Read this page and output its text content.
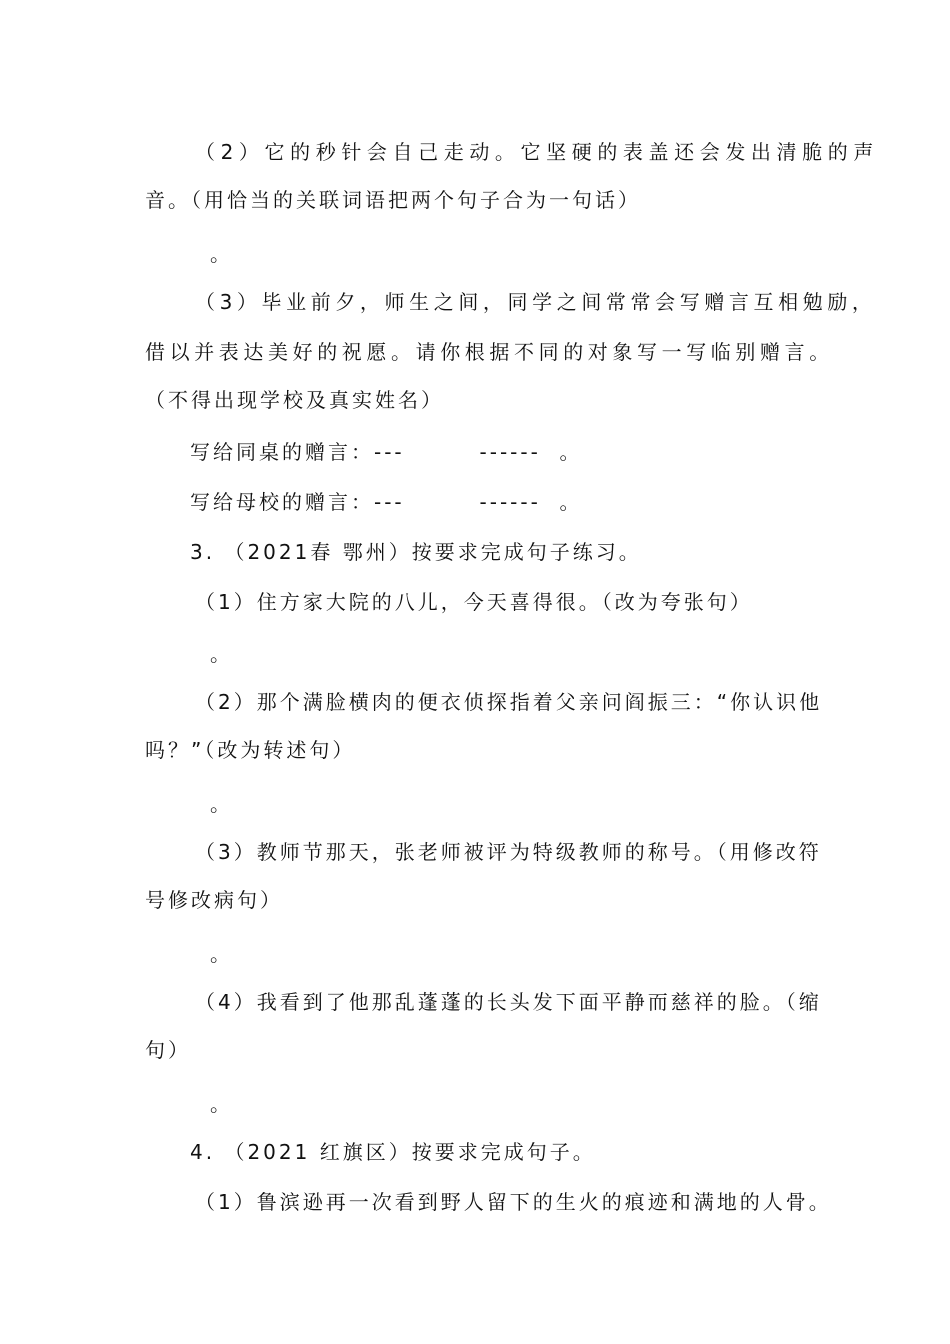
（2）它的秒针会自己走动。它坚硬的表盖还会发出清脆的声
音。（用恰当的关联词语把两个句子合为一句话）
。
（3）毕业前夕，师生之间，同学之间常常会写赠言互相勉励，
借以并表达美好的祝愿。请你根据不同的对象写一写临别赠言。
（不得出现学校及真实姓名）
写给同桌的赠言：---        ------  。
写给母校的赠言：---        ------  。
3. （2021春 鄂州）按要求完成句子练习。
（1）住方家大院的八儿，今天喜得很。（改为夸张句）
。
（2）那个满脸横肉的便衣侦探指着父亲问阎振三：“你认识他
吗？”（改为转述句）
。
（3）教师节那天，张老师被评为特级教师的称号。（用修改符
号修改病句）
。
（4）我看到了他那乱蓬蓬的长头发下面平静而慈祥的脸。（缩
句）
。
4. （2021 红旗区）按要求完成句子。
（1）鲁滨逊再一次看到野人留下的生火的痕迹和满地的人骨。
